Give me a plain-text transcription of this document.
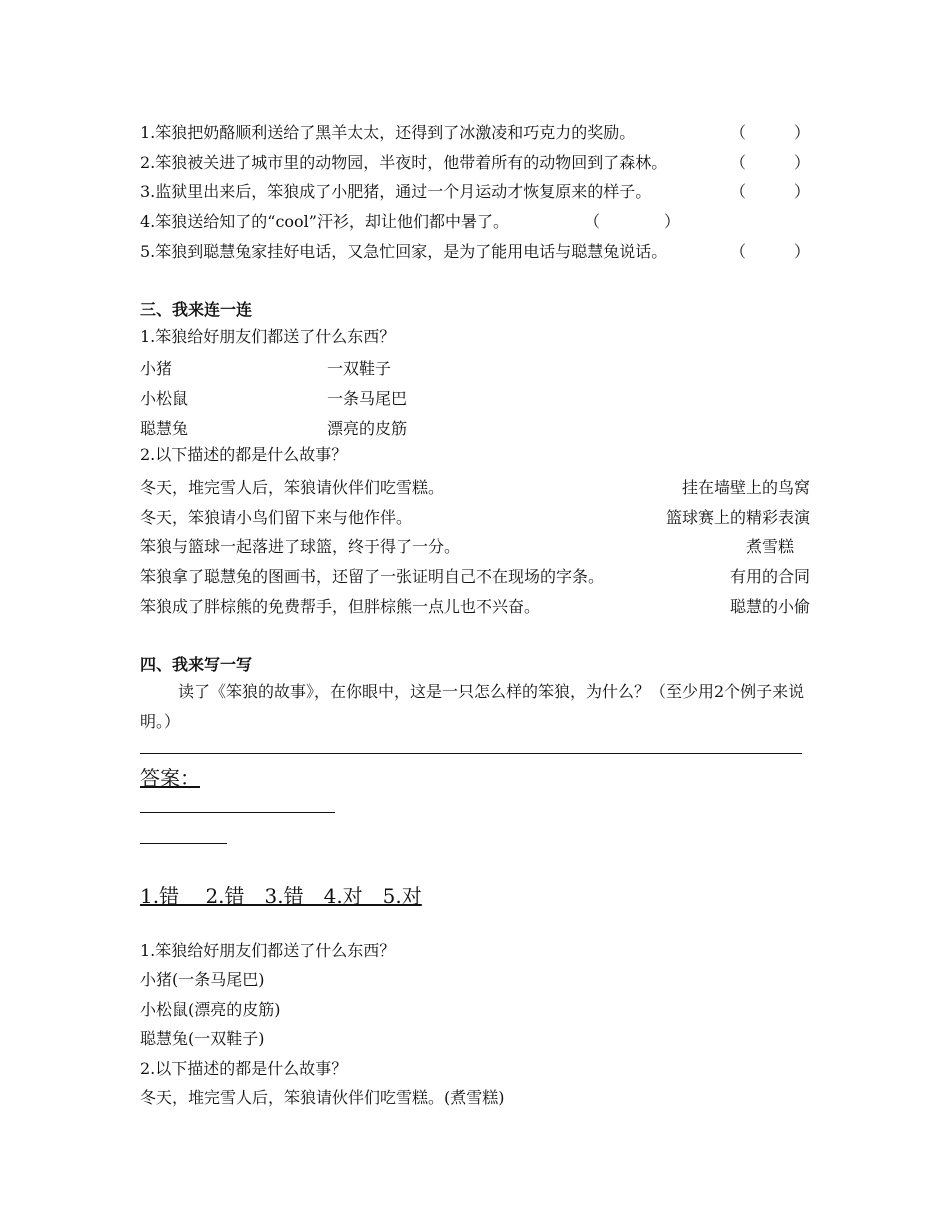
1.笨狼把奶酪顺利送给了黑羊太太，还得到了冰激凌和巧克力的奖励。	（　　　）
2.笨狼被关进了城市里的动物园，半夜时，他带着所有的动物回到了森林。	（　　　）
3.监狱里出来后，笨狼成了小肥猪，通过一个月运动才恢复原来的样子。	（　　　）
4.笨狼送给知了的“cool”汗衫，却让他们都中暑了。	（　　　　）
5.笨狼到聪慧兔家挂好电话，又急忙回家，是为了能用电话与聪慧兔说话。	（　　　）
三、我来连一连
1.笨狼给好朋友们都送了什么东西？
小猪	一双鞋子
小松鼠	一条马尾巴
聪慧兔	漂亮的皮筋
2.以下描述的都是什么故事？
冬天，堆完雪人后，笨狼请伙伴们吃雪糕。	挂在墙壁上的鸟窝
冬天，笨狼请小鸟们留下来与他作伴。	篮球赛上的精彩表演
笨狼与篮球一起落进了球篮，终于得了一分。	煮雪糕　
笨狼拿了聪慧兔的图画书，还留了一张证明自己不在现场的字条。	有用的合同
笨狼成了胖棕熊的免费帮手，但胖棕熊一点儿也不兴奋。	聪慧的小偷
四、我来写一写
读了《笨狼的故事》，在你眼中，这是一只怎么样的笨狼，为什么？（至少用2个例子来说明。）
答案：
1.错　 2.错　3.错　4.对　5.对
1.笨狼给好朋友们都送了什么东西？
小猪(一条马尾巴)
小松鼠(漂亮的皮筋)
聪慧兔(一双鞋子)
2.以下描述的都是什么故事？
冬天，堆完雪人后，笨狼请伙伴们吃雪糕。(煮雪糕)
